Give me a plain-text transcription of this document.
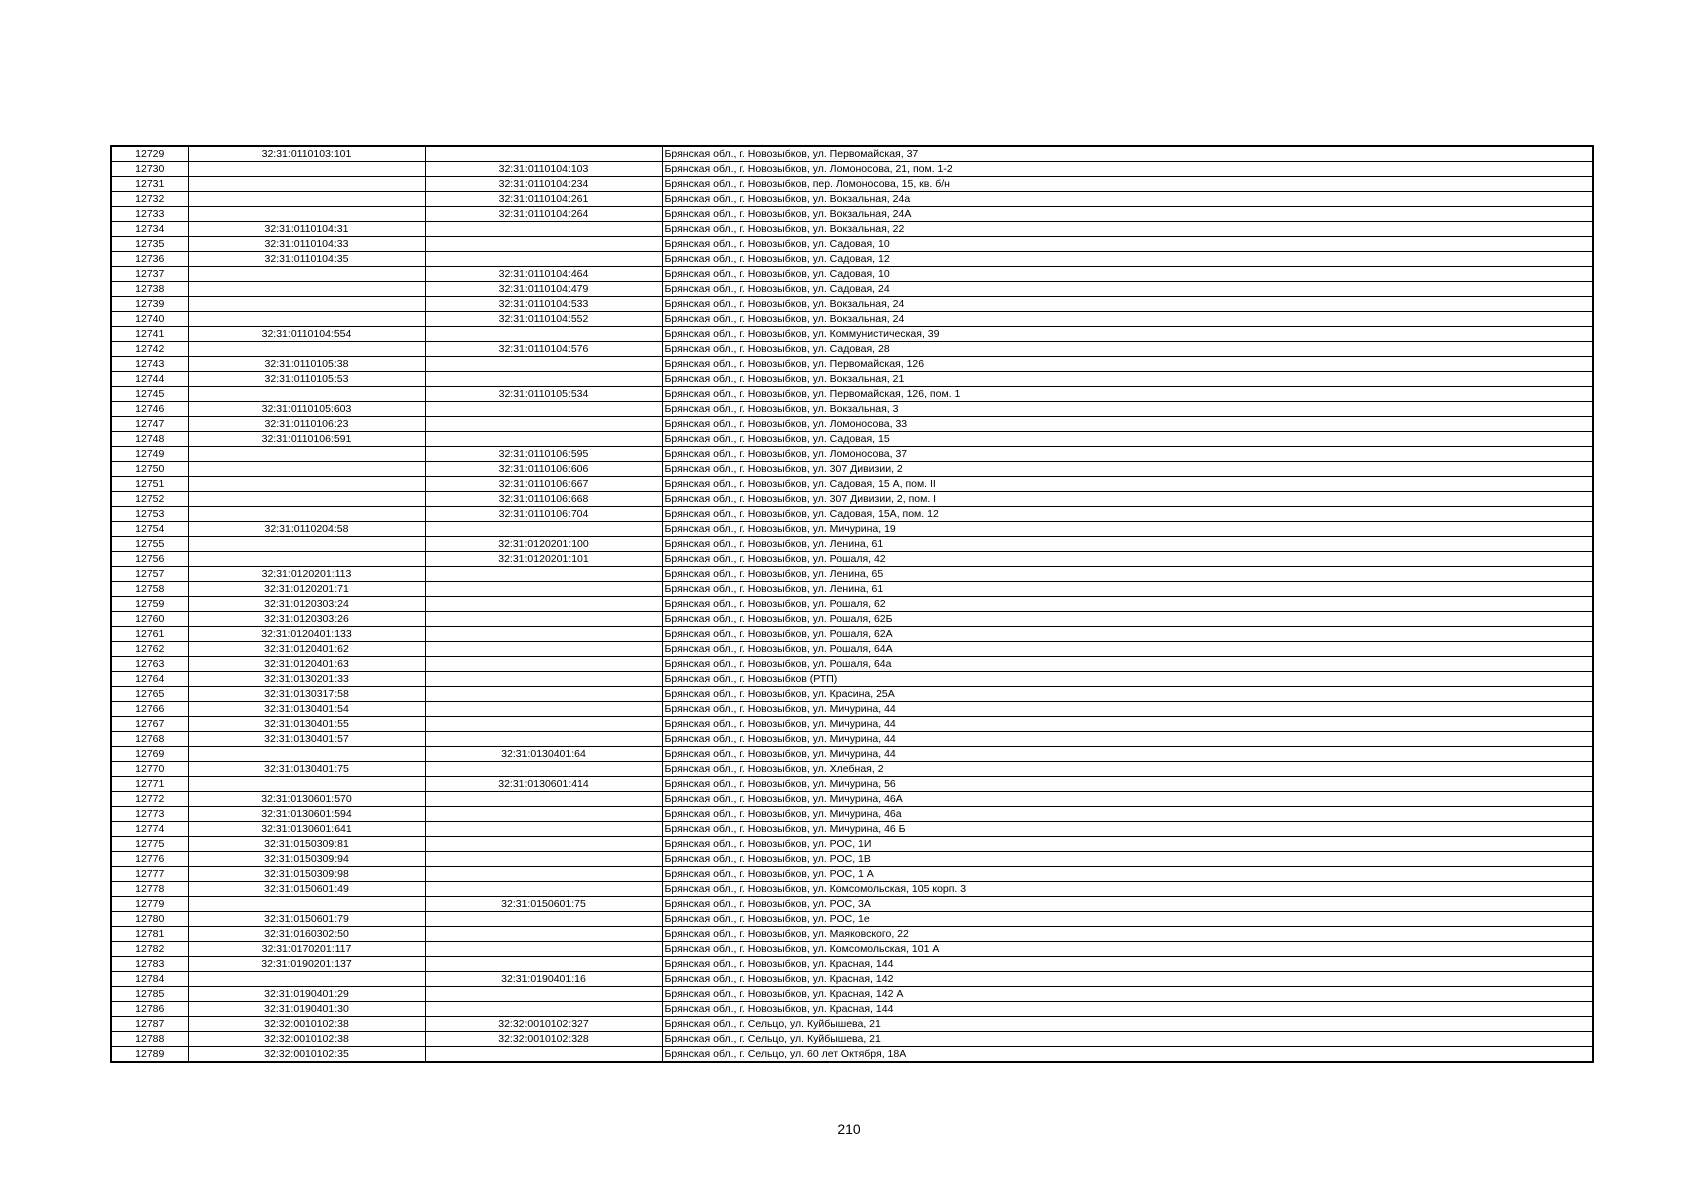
12729	32:31:0110103:101		Брянская обл., г. Новозыбков, ул. Первомайская, 37
12730		32:31:0110104:103	Брянская обл., г. Новозыбков, ул. Ломоносова, 21, пом. 1-2
12731		32:31:0110104:234	Брянская обл., г. Новозыбков, пер. Ломоносова, 15, кв. б/н
12732		32:31:0110104:261	Брянская обл., г. Новозыбков, ул. Вокзальная, 24а
12733		32:31:0110104:264	Брянская обл., г. Новозыбков, ул. Вокзальная, 24А
12734	32:31:0110104:31		Брянская обл., г. Новозыбков, ул. Вокзальная, 22
12735	32:31:0110104:33		Брянская обл., г. Новозыбков, ул. Садовая, 10
12736	32:31:0110104:35		Брянская обл., г. Новозыбков, ул. Садовая, 12
12737		32:31:0110104:464	Брянская обл., г. Новозыбков, ул. Садовая, 10
12738		32:31:0110104:479	Брянская обл., г. Новозыбков, ул. Садовая, 24
12739		32:31:0110104:533	Брянская обл., г. Новозыбков, ул. Вокзальная, 24
12740		32:31:0110104:552	Брянская обл., г. Новозыбков, ул. Вокзальная, 24
12741	32:31:0110104:554		Брянская обл., г. Новозыбков, ул. Коммунистическая, 39
12742		32:31:0110104:576	Брянская обл., г. Новозыбков, ул. Садовая, 28
12743	32:31:0110105:38		Брянская обл., г. Новозыбков, ул. Первомайская, 126
12744	32:31:0110105:53		Брянская обл., г. Новозыбков, ул. Вокзальная, 21
12745		32:31:0110105:534	Брянская обл., г. Новозыбков, ул. Первомайская, 126, пом. 1
12746	32:31:0110105:603		Брянская обл., г. Новозыбков, ул. Вокзальная, 3
12747	32:31:0110106:23		Брянская обл., г. Новозыбков, ул. Ломоносова, 33
12748	32:31:0110106:591		Брянская обл., г. Новозыбков, ул. Садовая, 15
12749		32:31:0110106:595	Брянская обл., г. Новозыбков, ул. Ломоносова, 37
12750		32:31:0110106:606	Брянская обл., г. Новозыбков, ул. 307 Дивизии, 2
12751		32:31:0110106:667	Брянская обл., г. Новозыбков, ул. Садовая, 15 А, пом. II
12752		32:31:0110106:668	Брянская обл., г. Новозыбков, ул. 307 Дивизии, 2, пом. I
12753		32:31:0110106:704	Брянская обл., г. Новозыбков, ул. Садовая, 15А, пом. 12
12754	32:31:0110204:58		Брянская обл., г. Новозыбков, ул. Мичурина, 19
12755		32:31:0120201:100	Брянская обл., г. Новозыбков, ул. Ленина, 61
12756		32:31:0120201:101	Брянская обл., г. Новозыбков, ул. Рошаля, 42
12757	32:31:0120201:113		Брянская обл., г. Новозыбков, ул. Ленина, 65
12758	32:31:0120201:71		Брянская обл., г. Новозыбков, ул. Ленина, 61
12759	32:31:0120303:24		Брянская обл., г. Новозыбков, ул. Рошаля, 62
12760	32:31:0120303:26		Брянская обл., г. Новозыбков, ул. Рошаля, 62Б
12761	32:31:0120401:133		Брянская обл., г. Новозыбков, ул. Рошаля, 62А
12762	32:31:0120401:62		Брянская обл., г. Новозыбков, ул. Рошаля, 64А
12763	32:31:0120401:63		Брянская обл., г. Новозыбков, ул. Рошаля, 64а
12764	32:31:0130201:33		Брянская обл., г. Новозыбков (РТП)
12765	32:31:0130317:58		Брянская обл., г. Новозыбков, ул. Красина, 25А
12766	32:31:0130401:54		Брянская обл., г. Новозыбков, ул. Мичурина, 44
12767	32:31:0130401:55		Брянская обл., г. Новозыбков, ул. Мичурина, 44
12768	32:31:0130401:57		Брянская обл., г. Новозыбков, ул. Мичурина, 44
12769		32:31:0130401:64	Брянская обл., г. Новозыбков, ул. Мичурина, 44
12770	32:31:0130401:75		Брянская обл., г. Новозыбков, ул. Хлебная, 2
12771		32:31:0130601:414	Брянская обл., г. Новозыбков, ул. Мичурина, 56
12772	32:31:0130601:570		Брянская обл., г. Новозыбков, ул. Мичурина, 46А
12773	32:31:0130601:594		Брянская обл., г. Новозыбков, ул. Мичурина, 46а
12774	32:31:0130601:641		Брянская обл., г. Новозыбков, ул. Мичурина, 46 Б
12775	32:31:0150309:81		Брянская обл., г. Новозыбков, ул. РОС, 1И
12776	32:31:0150309:94		Брянская обл., г. Новозыбков, ул. РОС, 1В
12777	32:31:0150309:98		Брянская обл., г. Новозыбков, ул. РОС, 1 А
12778	32:31:0150601:49		Брянская обл., г. Новозыбков, ул. Комсомольская, 105 корп. 3
12779		32:31:0150601:75	Брянская обл., г. Новозыбков, ул. РОС, 3А
12780	32:31:0150601:79		Брянская обл., г. Новозыбков, ул. РОС, 1е
12781	32:31:0160302:50		Брянская обл., г. Новозыбков, ул. Маяковского, 22
12782	32:31:0170201:117		Брянская обл., г. Новозыбков, ул. Комсомольская, 101 А
12783	32:31:0190201:137		Брянская обл., г. Новозыбков, ул. Красная, 144
12784		32:31:0190401:16	Брянская обл., г. Новозыбков, ул. Красная, 142
12785	32:31:0190401:29		Брянская обл., г. Новозыбков, ул. Красная, 142 А
12786	32:31:0190401:30		Брянская обл., г. Новозыбков, ул. Красная, 144
12787	32:32:0010102:38	32:32:0010102:327	Брянская обл., г. Сельцо, ул. Куйбышева, 21
12788	32:32:0010102:38	32:32:0010102:328	Брянская обл., г. Сельцо, ул. Куйбышева, 21
12789	32:32:0010102:35		Брянская обл., г. Сельцо, ул. 60 лет Октября, 18А
210
